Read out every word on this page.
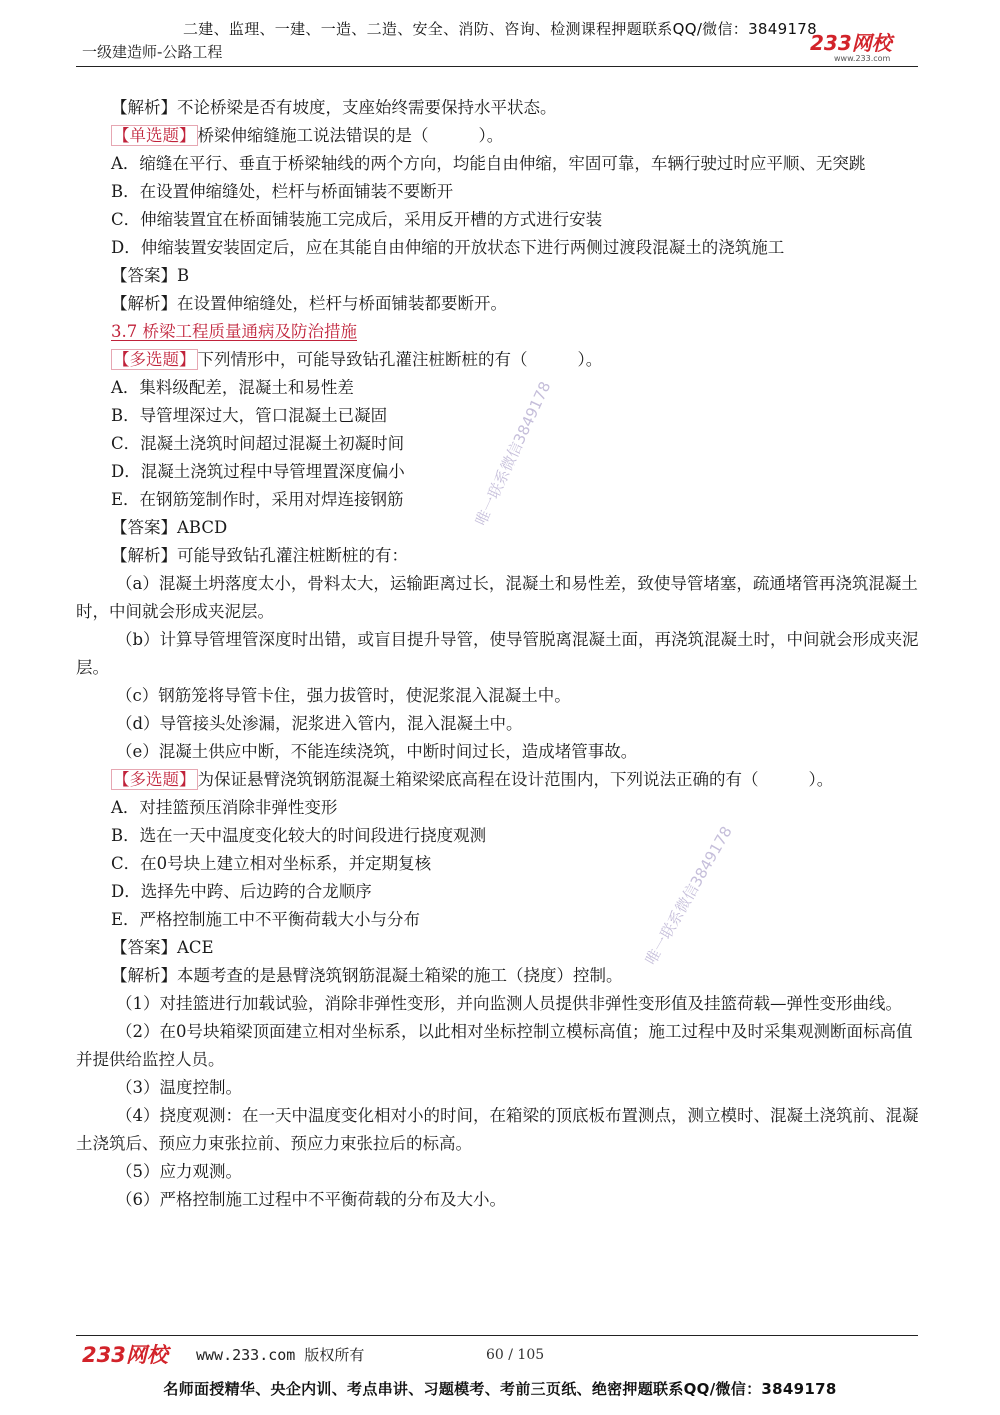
二建、监理、一建、一造、二造、安全、消防、咨询、检测课程押题联系QQ/微信：3849178
一级建造师-公路工程	233网校
www.233.com
【解析】不论桥梁是否有坡度，支座始终需要保持水平状态。
【单选题】 桥梁伸缩缝施工说法错误的是（	）。
A．缩缝在平行、垂直于桥梁轴线的两个方向，均能自由伸缩，牢固可靠，车辆行驶过时应平顺、无突跳
B．在设置伸缩缝处，栏杆与桥面铺装不要断开
C．伸缩装置宜在桥面铺装施工完成后，采用反开槽的方式进行安装
D．伸缩装置安装固定后，应在其能自由伸缩的开放状态下进行两侧过渡段混凝土的浇筑施工
【答案】B
【解析】在设置伸缩缝处，栏杆与桥面铺装都要断开。
3.7 桥梁工程质量通病及防治措施
【多选题】 下列情形中，可能导致钻孔灌注桩断桩的有（	）。
A．集料级配差，混凝土和易性差
B．导管埋深过大，管口混凝土已凝固
C．混凝土浇筑时间超过混凝土初凝时间
D．混凝土浇筑过程中导管埋置深度偏小
E．在钢筋笼制作时，采用对焊连接钢筋
【答案】ABCD
【解析】可能导致钻孔灌注桩断桩的有：
（a）混凝土坍落度太小，骨料太大，运输距离过长，混凝土和易性差，致使导管堵塞，疏通堵管再浇筑混凝土时，中间就会形成夹泥层。
（b）计算导管埋管深度时出错，或盲目提升导管，使导管脱离混凝土面，再浇筑混凝土时，中间就会形成夹泥层。
（c）钢筋笼将导管卡住，强力拔管时，使泥浆混入混凝土中。
（d）导管接头处渗漏，泥浆进入管内，混入混凝土中。
（e）混凝土供应中断，不能连续浇筑，中断时间过长，造成堵管事故。
【多选题】 为保证悬臂浇筑钢筋混凝土箱梁梁底高程在设计范围内，下列说法正确的有（	）。
A．对挂篮预压消除非弹性变形
B．选在一天中温度变化较大的时间段进行挠度观测
C．在0号块上建立相对坐标系，并定期复核
D．选择先中跨、后边跨的合龙顺序
E．严格控制施工中不平衡荷载大小与分布
【答案】ACE
【解析】本题考查的是悬臂浇筑钢筋混凝土箱梁的施工（挠度）控制。
（1）对挂篮进行加载试验，消除非弹性变形，并向监测人员提供非弹性变形值及挂篮荷载—弹性变形曲线。
（2）在0号块箱梁顶面建立相对坐标系，以此相对坐标控制立模标高值；施工过程中及时采集观测断面标高值并提供给监控人员。
（3）温度控制。
（4）挠度观测：在一天中温度变化相对小的时间，在箱梁的顶底板布置测点，测立模时、混凝土浇筑前、混凝土浇筑后、预应力束张拉前、预应力束张拉后的标高。
（5）应力观测。
（6）严格控制施工过程中不平衡荷载的分布及大小。
唯一联系微信3849178
唯一联系微信3849178
233网校 www.233.com 版权所有	60 / 105
名师面授精华、央企内训、考点串讲、习题模考、考前三页纸、绝密押题联系QQ/微信：3849178
